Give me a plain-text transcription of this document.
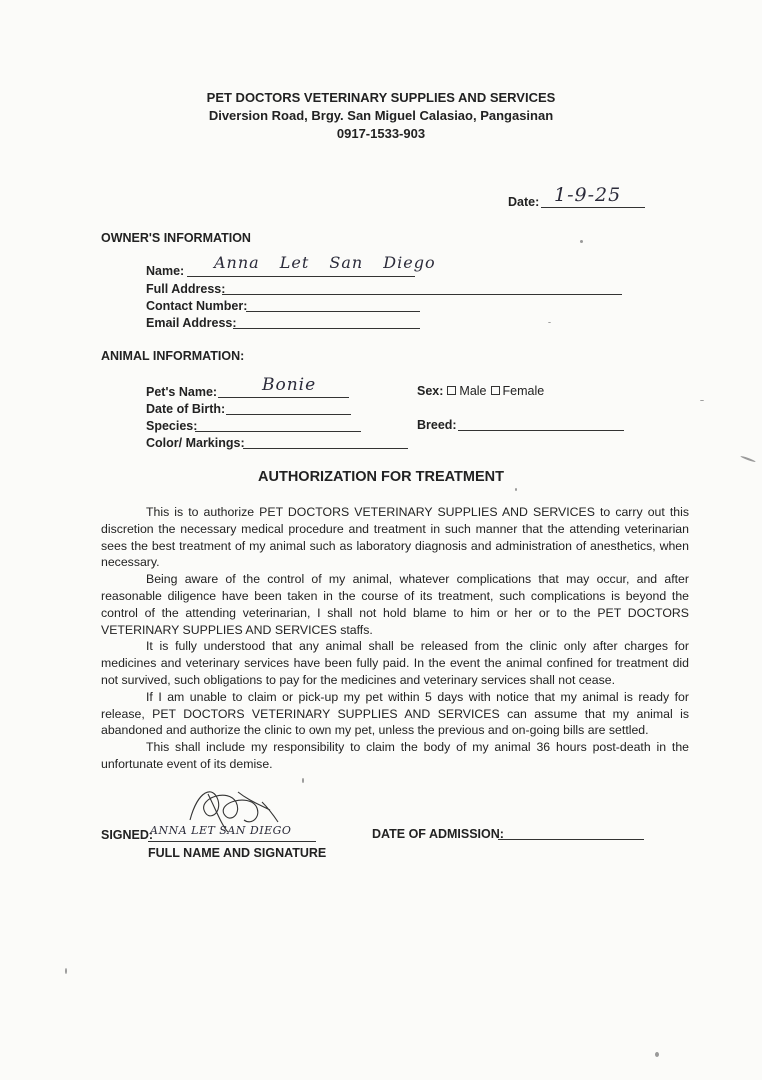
PET DOCTORS VETERINARY SUPPLIES AND SERVICES
Diversion Road, Brgy. San Miguel Calasiao, Pangasinan
0917-1533-903
Date: 1-9-25
OWNER'S INFORMATION
Name: Anna Let San Diego
Full Address:
Contact Number:
Email Address:
ANIMAL INFORMATION:
Pet's Name:	Bonie
Date of Birth:
Species:
Color/ Markings:
Sex: Male Female
Breed:
AUTHORIZATION FOR TREATMENT

This is to authorize PET DOCTORS VETERINARY SUPPLIES AND SERVICES to carry out this discretion the necessary medical procedure and treatment in such manner that the attending veterinarian sees the best treatment of my animal such as laboratory diagnosis and administration of anesthetics, when necessary.

Being aware of the control of my animal, whatever complications that may occur, and after reasonable diligence have been taken in the course of its treatment, such complications is beyond the control of the attending veterinarian, I shall not hold blame to him or her or to the PET DOCTORS VETERINARY SUPPLIES AND SERVICES staffs.

It is fully understood that any animal shall be released from the clinic only after charges for medicines and veterinary services have been fully paid. In the event the animal confined for treatment did not survived, such obligations to pay for the medicines and veterinary services shall not cease.

If I am unable to claim or pick-up my pet within 5 days with notice that my animal is ready for release, PET DOCTORS VETERINARY SUPPLIES AND SERVICES can assume that my animal is abandoned and authorize the clinic to own my pet, unless the previous and on-going bills are settled.

This shall include my responsibility to claim the body of my animal 36 hours post-death in the unfortunate event of its demise.

SIGNED:
ANNA LET SAN DIEGO
FULL NAME AND SIGNATURE
DATE OF ADMISSION:
